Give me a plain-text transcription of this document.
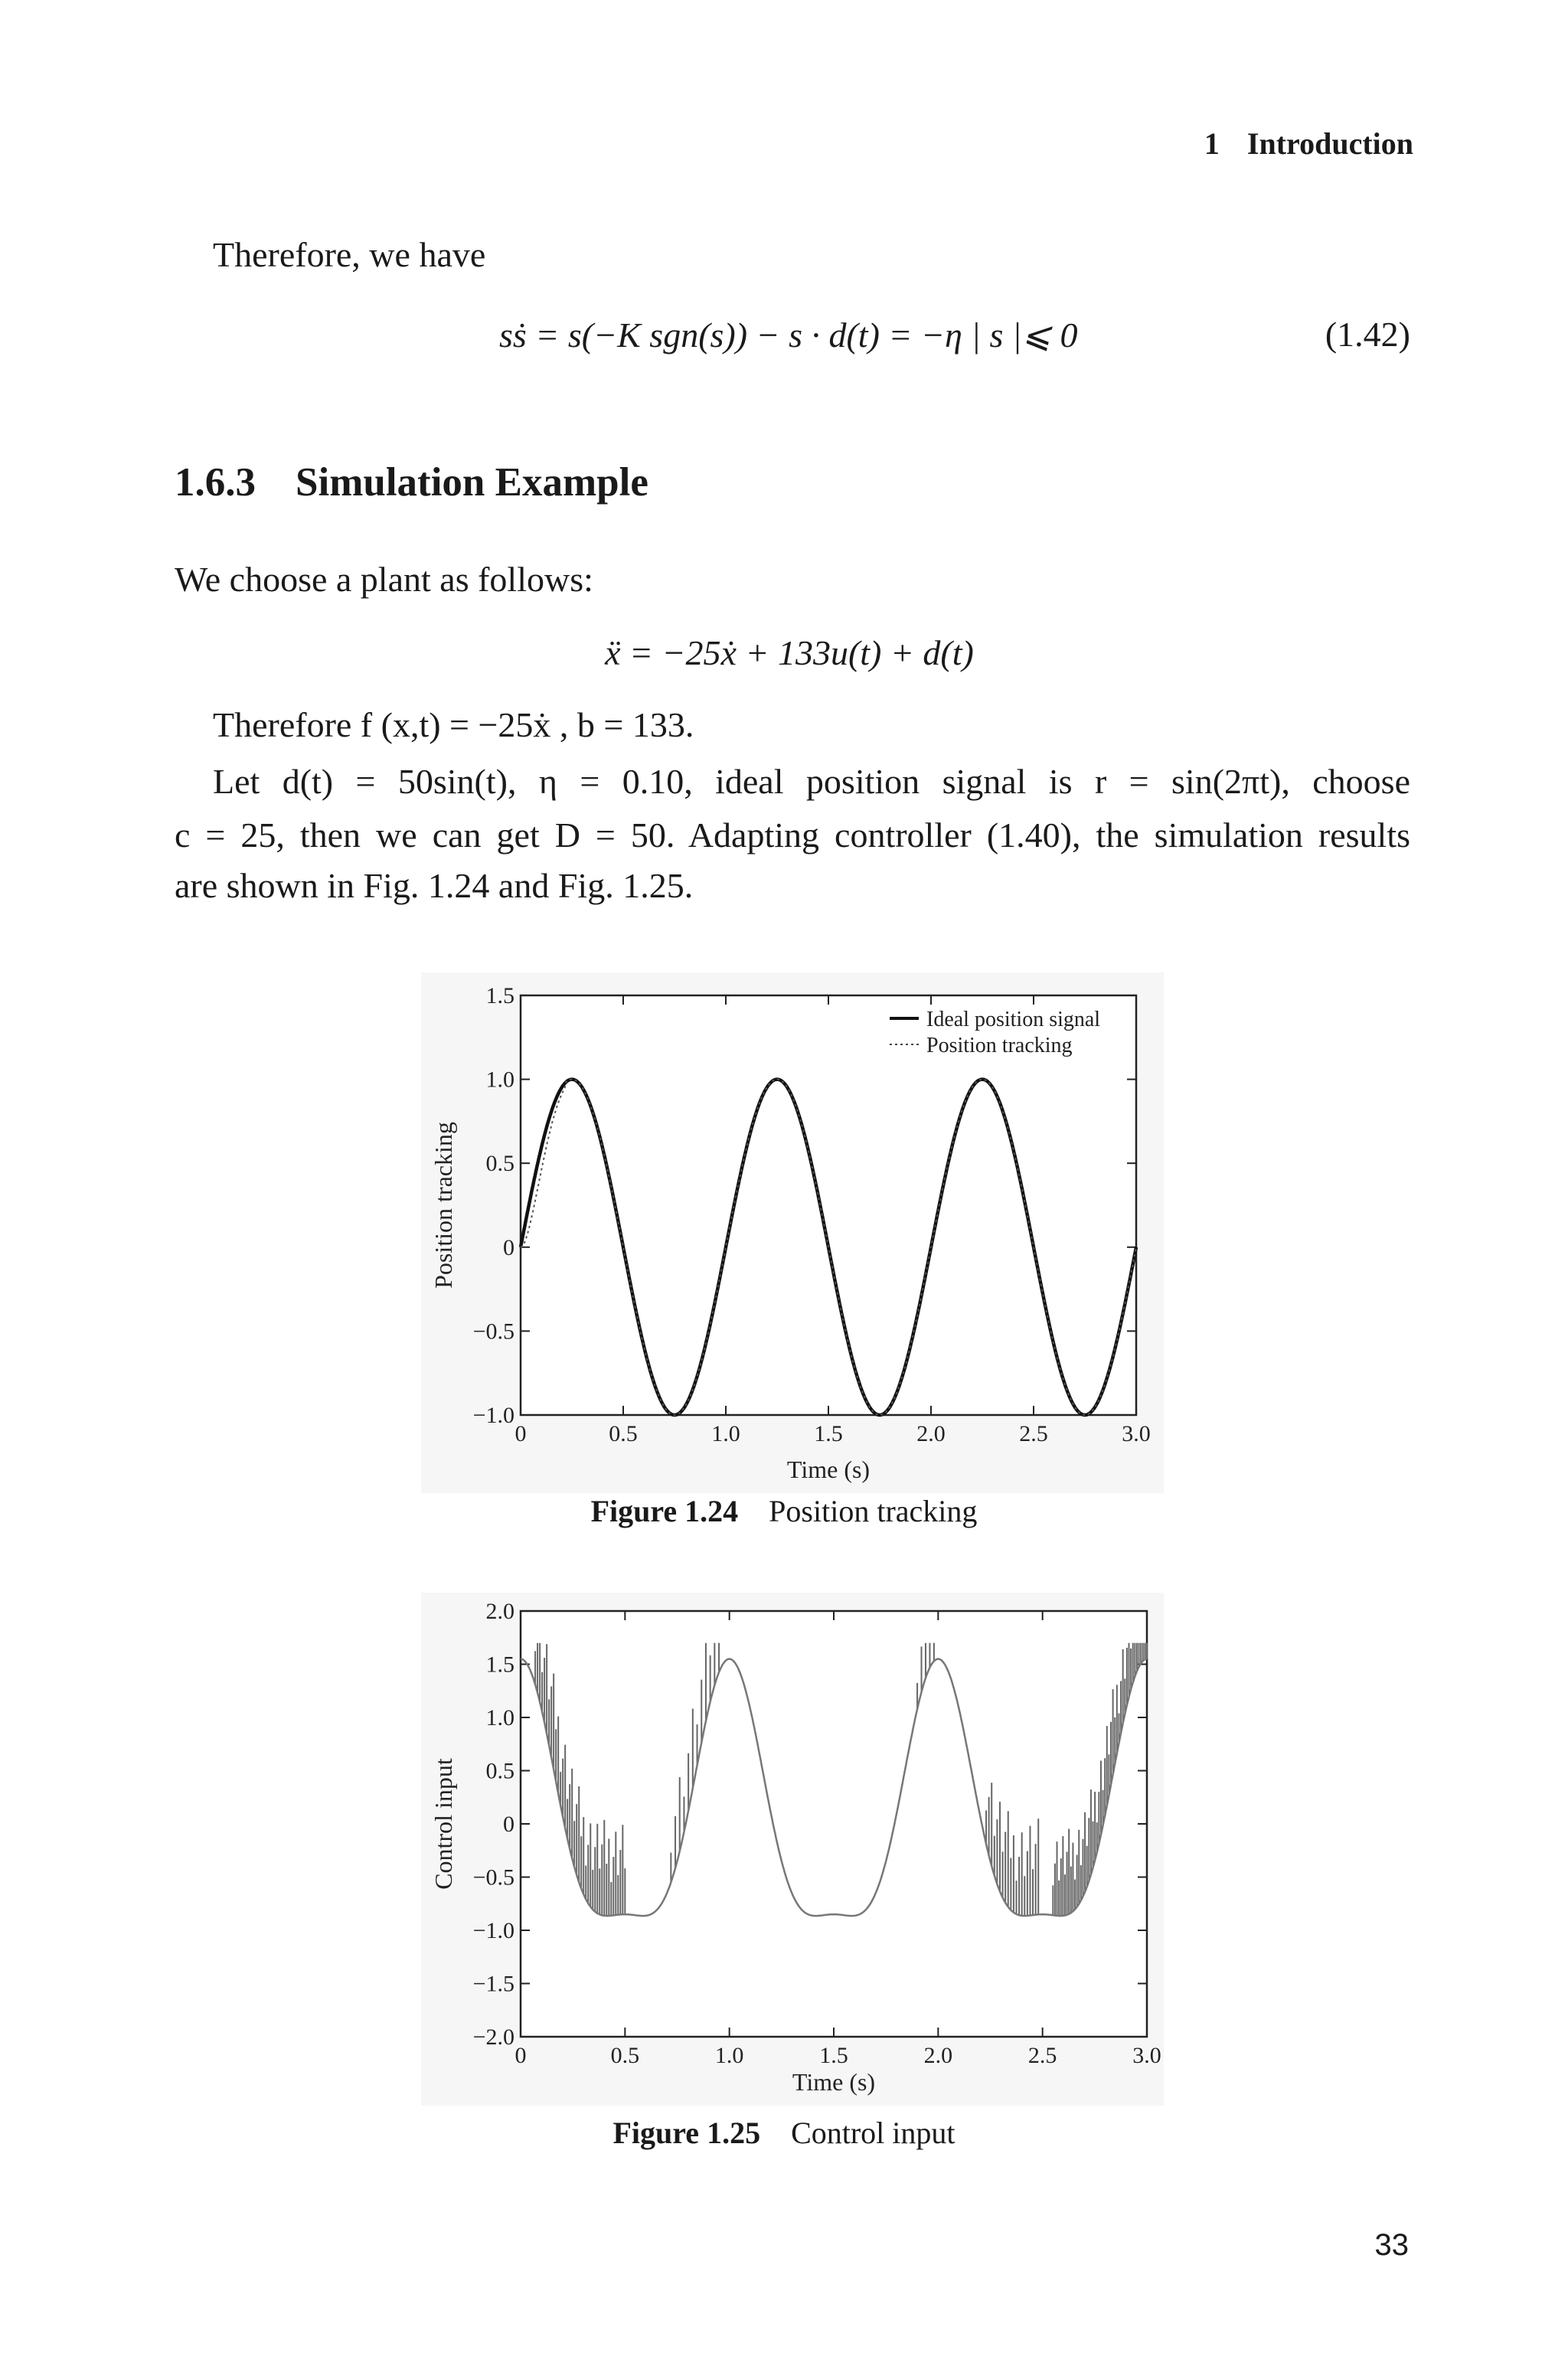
1 Introduction
Therefore, we have
sṡ = s(−K sgn(s)) − s · d(t) = −η | s |⩽ 0	(1.42)
1.6.3 Simulation Example
We choose a plant as follows:
ẍ = −25ẋ + 133u(t) + d(t)
Therefore f (x,t) = −25ẋ , b = 133.
Let d(t) = 50sin(t), η = 0.10, ideal position signal is r = sin(2πt), choose
c = 25, then we can get D = 50. Adapting controller (1.40), the simulation results
are shown in Fig. 1.24 and Fig. 1.25.
0	0.5	1.0	1.5	2.0	2.5	3.0
−1.0
−0.5
0
0.5
1.0
1.5
Ideal position signal
Position tracking
Time (s)
Position tracking
Figure 1.24 Position tracking
0	0.5	1.0	1.5	2.0	2.5	3.0
−2.0
−1.5
−1.0
−0.5
0
0.5
1.0
1.5
2.0
Time (s)
Control input
Figure 1.25 Control input
33
